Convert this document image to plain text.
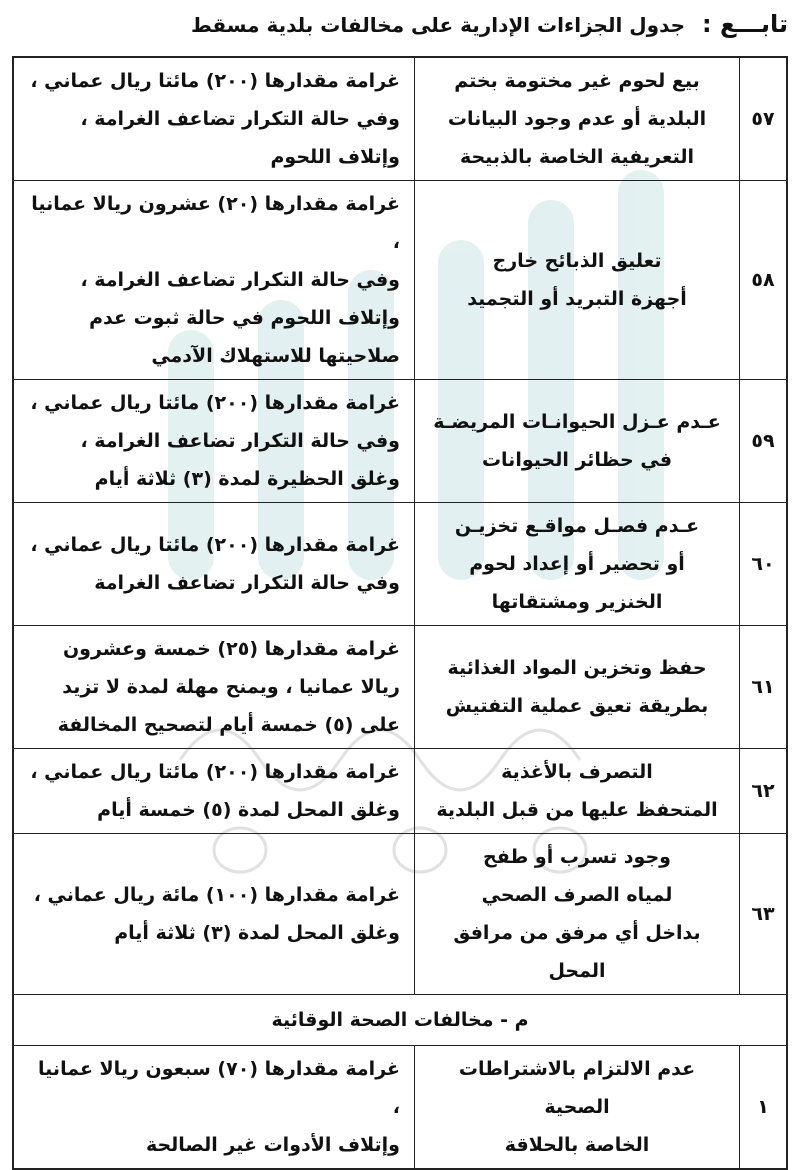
تابـــع : جدول الجزاءات الإدارية على مخالفات بلدية مسقط
٥٧	بيع لحوم غير مختومة بختم
البلدية أو عدم وجود البيانات
التعريفية الخاصة بالذبيحة	غرامة مقدارها (٢٠٠) مائتا ريال عماني ،
وفي حالة التكرار تضاعف الغرامة ،
وإتلاف اللحوم

٥٨	تعليق الذبائح خارج
أجهزة التبريد أو التجميد	غرامة مقدارها (٢٠) عشرون ريالا عمانيا ،
وفي حالة التكرار تضاعف الغرامة ،
وإتلاف اللحوم في حالة ثبوت عدم
صلاحيتها للاستهلاك الآدمي

٥٩	عـدم عـزل الحيوانـات المريضـة
في حظائر الحيوانات	غرامة مقدارها (٢٠٠) مائتا ريال عماني ،
وفي حالة التكرار تضاعف الغرامة ،
وغلق الحظيرة لمدة (٣) ثلاثة أيام

٦٠	عـدم فصـل مواقـع تخزيـن
أو تحضير أو إعداد لحوم
الخنزير ومشتقاتها	غرامة مقدارها (٢٠٠) مائتا ريال عماني ،
وفي حالة التكرار تضاعف الغرامة

٦١	حفظ وتخزين المواد الغذائية
بطريقة تعيق عملية التفتيش	غرامة مقدارها (٢٥) خمسة وعشرون
ريالا عمانيا ، ويمنح مهلة لمدة لا تزيد
على (٥) خمسة أيام لتصحيح المخالفة

٦٢	التصرف بالأغذية
المتحفظ عليها من قبل البلدية	غرامة مقدارها (٢٠٠) مائتا ريال عماني ،
وغلق المحل لمدة (٥) خمسة أيام

٦٣	وجود تسرب أو طفح
لمياه الصرف الصحي
بداخل أي مرفق من مرافق المحل	غرامة مقدارها (١٠٠) مائة ريال عماني ،
وغلق المحل لمدة (٣) ثلاثة أيام

م - مخالفات الصحة الوقائية		
١	عدم الالتزام بالاشتراطات الصحية
الخاصة بالحلاقة	غرامة مقدارها (٧٠) سبعون ريالا عمانيا ،
وإتلاف الأدوات غير الصالحة
